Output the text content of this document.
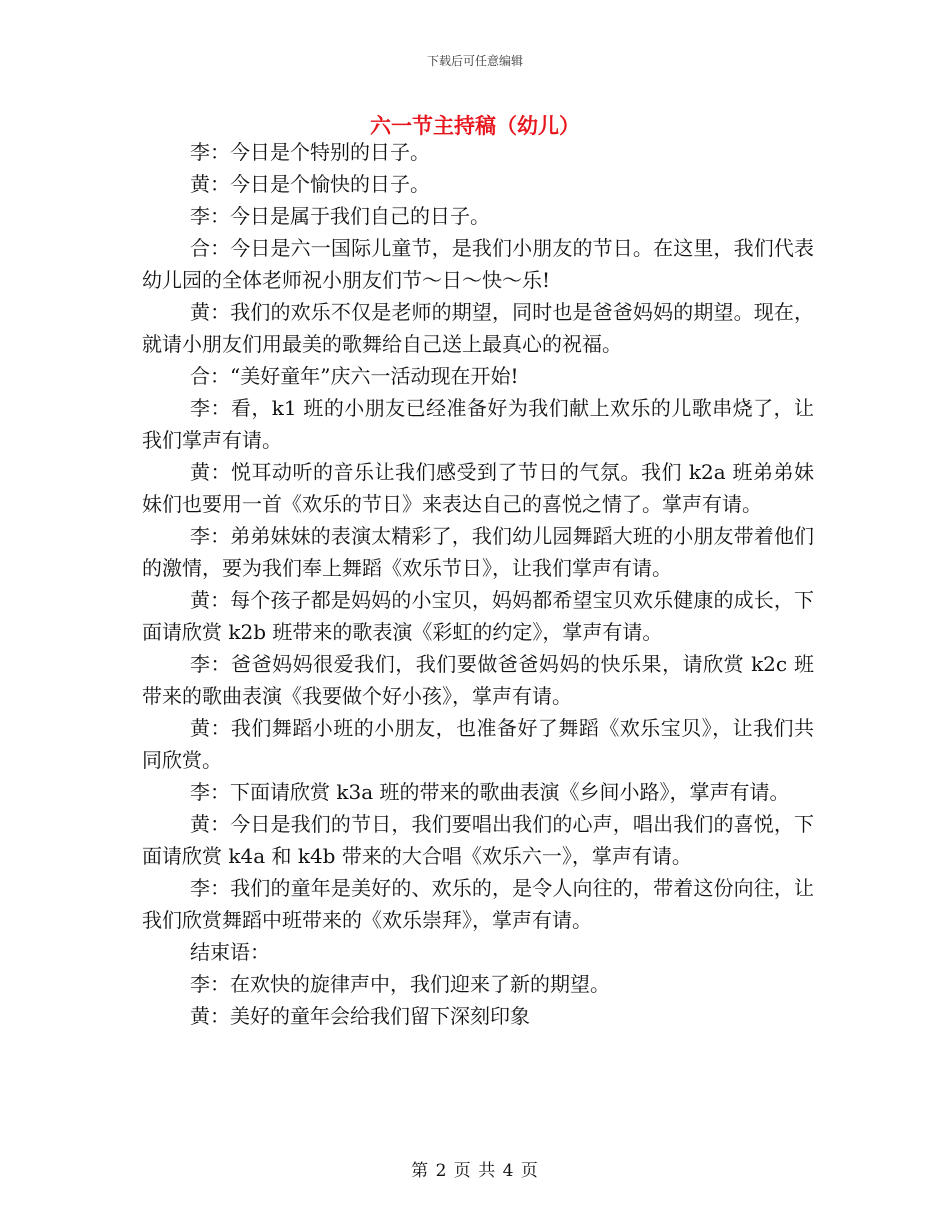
下载后可任意编辑
六一节主持稿（幼儿）

李：今日是个特别的日子。

黄：今日是个愉快的日子。

李：今日是属于我们自己的日子。

合：今日是六一国际儿童节，是我们小朋友的节日。在这里，我们代表幼儿园的全体老师祝小朋友们节～日～快～乐!

黄：我们的欢乐不仅是老师的期望，同时也是爸爸妈妈的期望。现在，就请小朋友们用最美的歌舞给自己送上最真心的祝福。

合：“美好童年”庆六一活动现在开始!

李：看，k1 班的小朋友已经准备好为我们献上欢乐的儿歌串烧了，让我们掌声有请。

黄：悦耳动听的音乐让我们感受到了节日的气氛。我们 k2a 班弟弟妹妹们也要用一首《欢乐的节日》来表达自己的喜悦之情了。掌声有请。

李：弟弟妹妹的表演太精彩了，我们幼儿园舞蹈大班的小朋友带着他们的激情，要为我们奉上舞蹈《欢乐节日》，让我们掌声有请。

黄：每个孩子都是妈妈的小宝贝，妈妈都希望宝贝欢乐健康的成长，下面请欣赏 k2b 班带来的歌表演《彩虹的约定》，掌声有请。

李：爸爸妈妈很爱我们，我们要做爸爸妈妈的快乐果，请欣赏 k2c 班带来的歌曲表演《我要做个好小孩》，掌声有请。

黄：我们舞蹈小班的小朋友，也准备好了舞蹈《欢乐宝贝》，让我们共同欣赏。

李：下面请欣赏 k3a 班的带来的歌曲表演《乡间小路》，掌声有请。

黄：今日是我们的节日，我们要唱出我们的心声，唱出我们的喜悦，下面请欣赏 k4a 和 k4b 带来的大合唱《欢乐六一》，掌声有请。

李：我们的童年是美好的、欢乐的，是令人向往的，带着这份向往，让我们欣赏舞蹈中班带来的《欢乐崇拜》，掌声有请。

结束语：

李：在欢快的旋律声中，我们迎来了新的期望。

黄：美好的童年会给我们留下深刻印象

第 2 页 共 4 页
